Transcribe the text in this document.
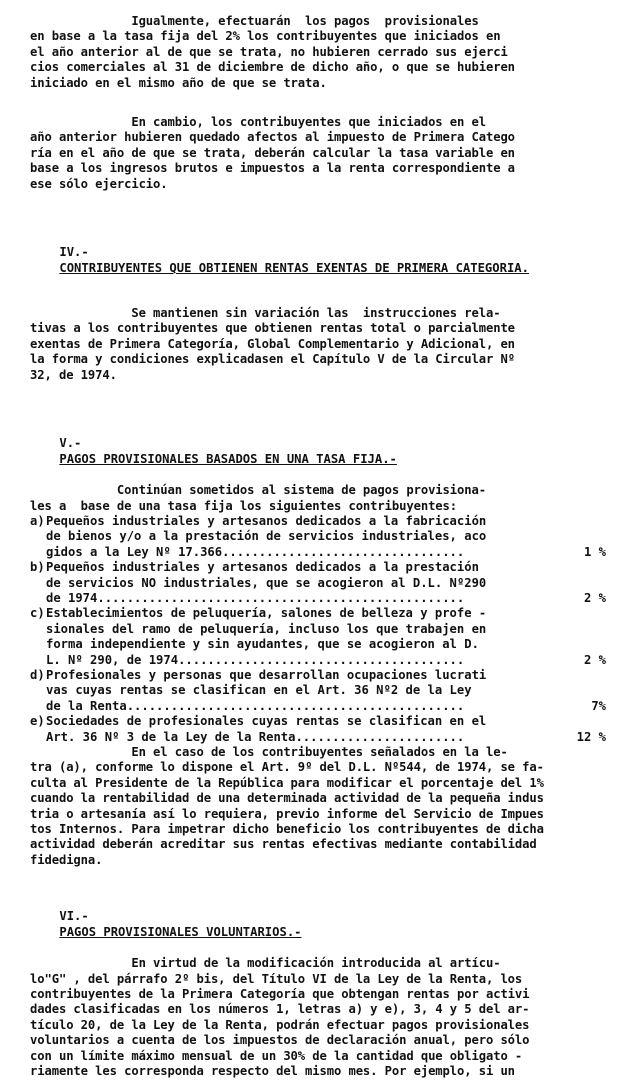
Igualmente, efectuarán  los pagos  provisionales
en base a la tasa fija del 2% los contribuyentes que iniciados en
el año anterior al de que se trata, no hubieren cerrado sus ejerci
cios comerciales al 31 de diciembre de dicho año, o que se hubieren
iniciado en el mismo año de que se trata.

En cambio, los contribuyentes que iniciados en el
año anterior hubieren quedado afectos al impuesto de Primera Catego
ría en el año de que se trata, deberán calcular la tasa variable en
base a los ingresos brutos e impuestos a la renta correspondiente a
ese sólo ejercicio.

IV.-
CONTRIBUYENTES QUE OBTIENEN RENTAS EXENTAS DE PRIMERA CATEGORIA.

Se mantienen sin variación las  instrucciones rela-
tivas a los contribuyentes que obtienen rentas total o parcialmente
exentas de Primera Categoría, Global Complementario y Adicional, en
la forma y condiciones explicadasen el Capítulo V de la Circular Nº
32, de 1974.

V.-
PAGOS PROVISIONALES BASADOS EN UNA TASA FIJA.-

Continúan sometidos al sistema de pagos provisiona-
les a  base de una tasa fija los siguientes contribuyentes:

a) Pequeños industriales y artesanos dedicados a la fabricación
de bienos y/o a la prestación de servicios industriales, aco
gidos a la Ley Nº 17.366.................................	1 %
b) Pequeños industriales y artesanos dedicados a la prestación
de servicios NO industriales, que se acogieron al D.L. Nº290
de 1974..................................................	2 %
c) Establecimientos de peluquería, salones de belleza y profe -
sionales del ramo de peluquería, incluso los que trabajen en
forma independiente y sin ayudantes, que se acogieron al D.
L. Nº 290, de 1974.......................................	2 %
d) Profesionales y personas que desarrollan ocupaciones lucrati
vas cuyas rentas se clasifican en el Art. 36 Nº2 de la Ley
de la Renta..............................................	7%
e) Sociedades de profesionales cuyas rentas se clasifican en el
Art. 36 Nº 3 de la Ley de la Renta.......................	12 %

En el caso de los contribuyentes señalados en la le-
tra (a), conforme lo dispone el Art. 9º del D.L. Nº544, de 1974, se fa-
culta al Presidente de la República para modificar el porcentaje del 1%
cuando la rentabilidad de una determinada actividad de la pequeña indus
tria o artesanía así lo requiera, previo informe del Servicio de Impues
tos Internos. Para impetrar dicho beneficio los contribuyentes de dicha
actividad deberán acreditar sus rentas efectivas mediante contabilidad
fidedigna.

VI.-
PAGOS PROVISIONALES VOLUNTARIOS.-

En virtud de la modificación introducida al artícu-
lo"G" , del párrafo 2º bis, del Título VI de la Ley de la Renta, los
contribuyentes de la Primera Categoría que obtengan rentas por activi
dades clasificadas en los números 1, letras a) y e), 3, 4 y 5 del ar-
tículo 20, de la Ley de la Renta, podrán efectuar pagos provisionales
voluntarios a cuenta de los impuestos de declaración anual, pero sólo
con un límite máximo mensual de un 30% de la cantidad que obligato -
riamente les corresponda respecto del mismo mes. Por ejemplo, si un
